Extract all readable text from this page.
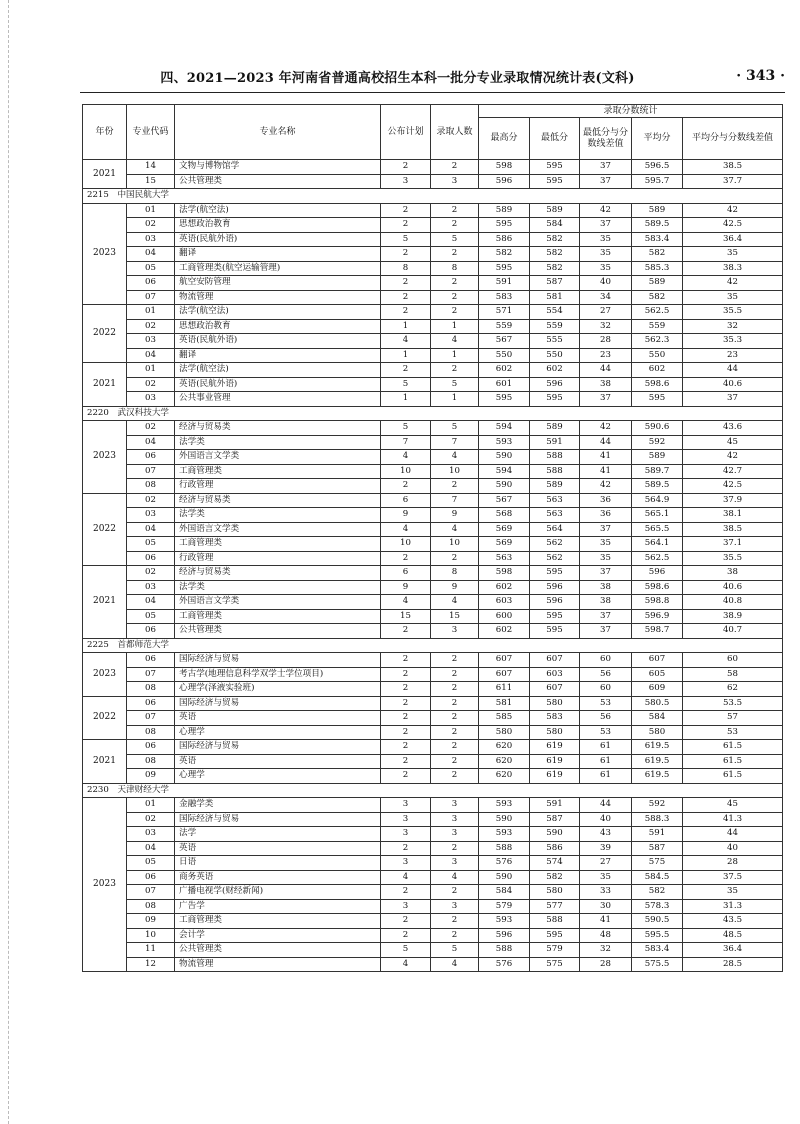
四、2021—2023 年河南省普通高校招生本科一批分专业录取情况统计表(文科)	· 343 ·
年份	专业代码	专业名称	公布计划	录取人数	录取分数统计				
					最高分	最低分	最低分与分数线差值	平均分	平均分与分数线差值
2021	14	文物与博物馆学	2	2	598	595	37	596.5	38.5
	15	公共管理类	3	3	596	595	37	595.7	37.7
2215　中国民航大学									
2023	01	法学(航空法)	2	2	589	589	42	589	42
	02	思想政治教育	2	2	595	584	37	589.5	42.5
	03	英语(民航外语)	5	5	586	582	35	583.4	36.4
	04	翻译	2	2	582	582	35	582	35
	05	工商管理类(航空运输管理)	8	8	595	582	35	585.3	38.3
	06	航空安防管理	2	2	591	587	40	589	42
	07	物流管理	2	2	583	581	34	582	35
2022	01	法学(航空法)	2	2	571	554	27	562.5	35.5
	02	思想政治教育	1	1	559	559	32	559	32
	03	英语(民航外语)	4	4	567	555	28	562.3	35.3
	04	翻译	1	1	550	550	23	550	23
2021	01	法学(航空法)	2	2	602	602	44	602	44
	02	英语(民航外语)	5	5	601	596	38	598.6	40.6
	03	公共事业管理	1	1	595	595	37	595	37
2220　武汉科技大学									
2023	02	经济与贸易类	5	5	594	589	42	590.6	43.6
	04	法学类	7	7	593	591	44	592	45
	06	外国语言文学类	4	4	590	588	41	589	42
	07	工商管理类	10	10	594	588	41	589.7	42.7
	08	行政管理	2	2	590	589	42	589.5	42.5
2022	02	经济与贸易类	6	7	567	563	36	564.9	37.9
	03	法学类	9	9	568	563	36	565.1	38.1
	04	外国语言文学类	4	4	569	564	37	565.5	38.5
	05	工商管理类	10	10	569	562	35	564.1	37.1
	06	行政管理	2	2	563	562	35	562.5	35.5
2021	02	经济与贸易类	6	8	598	595	37	596	38
	03	法学类	9	9	602	596	38	598.6	40.6
	04	外国语言文学类	4	4	603	596	38	598.8	40.8
	05	工商管理类	15	15	600	595	37	596.9	38.9
	06	公共管理类	2	3	602	595	37	598.7	40.7
2225　首都师范大学									
2023	06	国际经济与贸易	2	2	607	607	60	607	60
	07	考古学(地理信息科学双学士学位项目)	2	2	607	603	56	605	58
	08	心理学(泽液实验班)	2	2	611	607	60	609	62
2022	06	国际经济与贸易	2	2	581	580	53	580.5	53.5
	07	英语	2	2	585	583	56	584	57
	08	心理学	2	2	580	580	53	580	53
2021	06	国际经济与贸易	2	2	620	619	61	619.5	61.5
	08	英语	2	2	620	619	61	619.5	61.5
	09	心理学	2	2	620	619	61	619.5	61.5
2230　天津财经大学									
2023	01	金融学类	3	3	593	591	44	592	45
	02	国际经济与贸易	3	3	590	587	40	588.3	41.3
	03	法学	3	3	593	590	43	591	44
	04	英语	2	2	588	586	39	587	40
	05	日语	3	3	576	574	27	575	28
	06	商务英语	4	4	590	582	35	584.5	37.5
	07	广播电视学(财经新闻)	2	2	584	580	33	582	35
	08	广告学	3	3	579	577	30	578.3	31.3
	09	工商管理类	2	2	593	588	41	590.5	43.5
	10	会计学	2	2	596	595	48	595.5	48.5
	11	公共管理类	5	5	588	579	32	583.4	36.4
	12	物流管理	4	4	576	575	28	575.5	28.5
